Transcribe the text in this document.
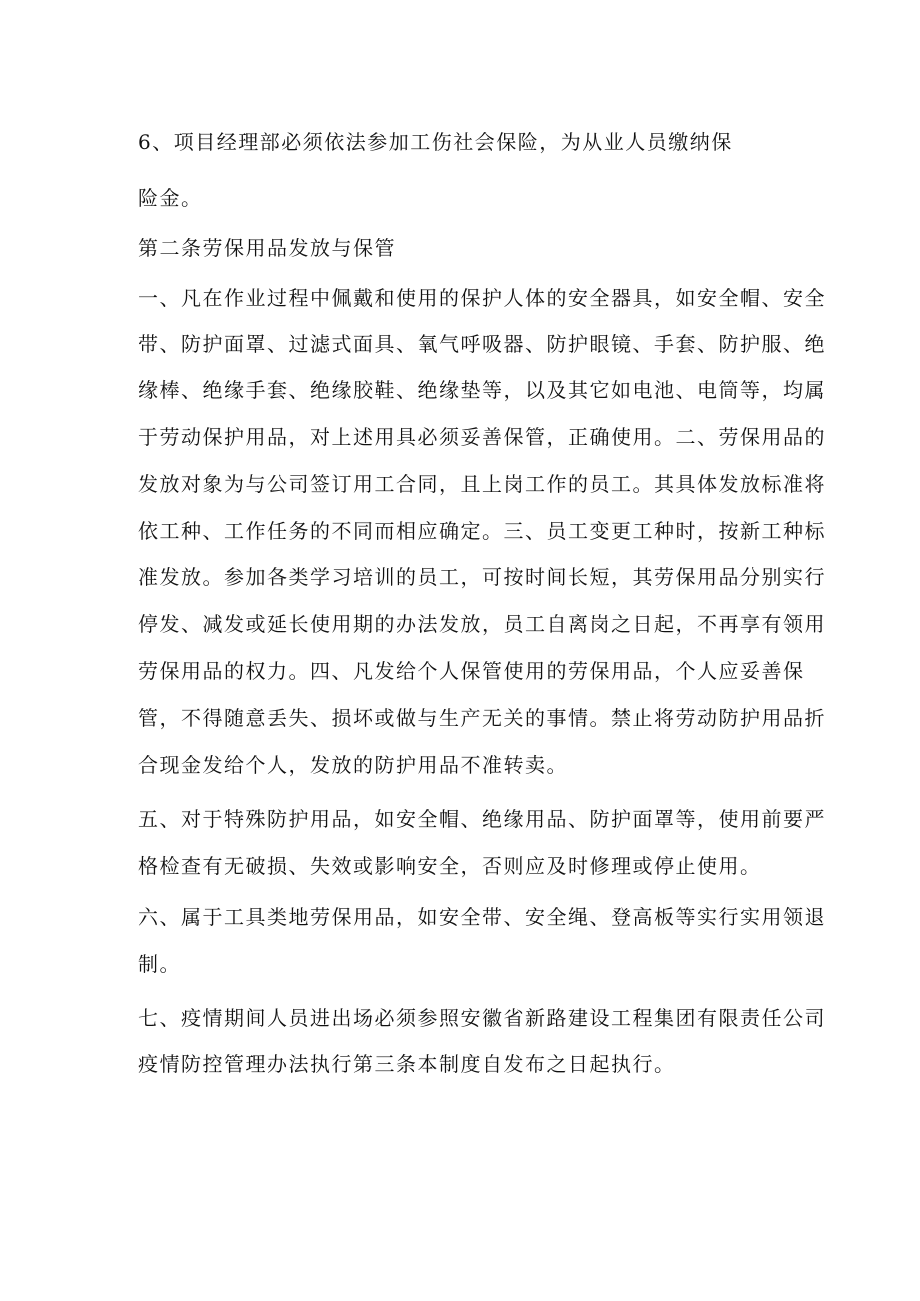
6、项目经理部必须依法参加工伤社会保险，为从业人员缴纳保
险金。
第二条劳保用品发放与保管
一、凡在作业过程中佩戴和使用的保护人体的安全器具，如安全帽、安全
带、防护面罩、过滤式面具、氧气呼吸器、防护眼镜、手套、防护服、绝
缘棒、绝缘手套、绝缘胶鞋、绝缘垫等，以及其它如电池、电筒等，均属
于劳动保护用品，对上述用具必须妥善保管，正确使用。二、劳保用品的
发放对象为与公司签订用工合同，且上岗工作的员工。其具体发放标准将
依工种、工作任务的不同而相应确定。三、员工变更工种时，按新工种标
准发放。参加各类学习培训的员工，可按时间长短，其劳保用品分别实行
停发、减发或延长使用期的办法发放，员工自离岗之日起，不再享有领用
劳保用品的权力。四、凡发给个人保管使用的劳保用品，个人应妥善保
管，不得随意丢失、损坏或做与生产无关的事情。禁止将劳动防护用品折
合现金发给个人，发放的防护用品不准转卖。
五、对于特殊防护用品，如安全帽、绝缘用品、防护面罩等，使用前要严
格检查有无破损、失效或影响安全，否则应及时修理或停止使用。
六、属于工具类地劳保用品，如安全带、安全绳、登高板等实行实用领退
制。
七、疫情期间人员进出场必须参照安徽省新路建设工程集团有限责任公司
疫情防控管理办法执行第三条本制度自发布之日起执行。
